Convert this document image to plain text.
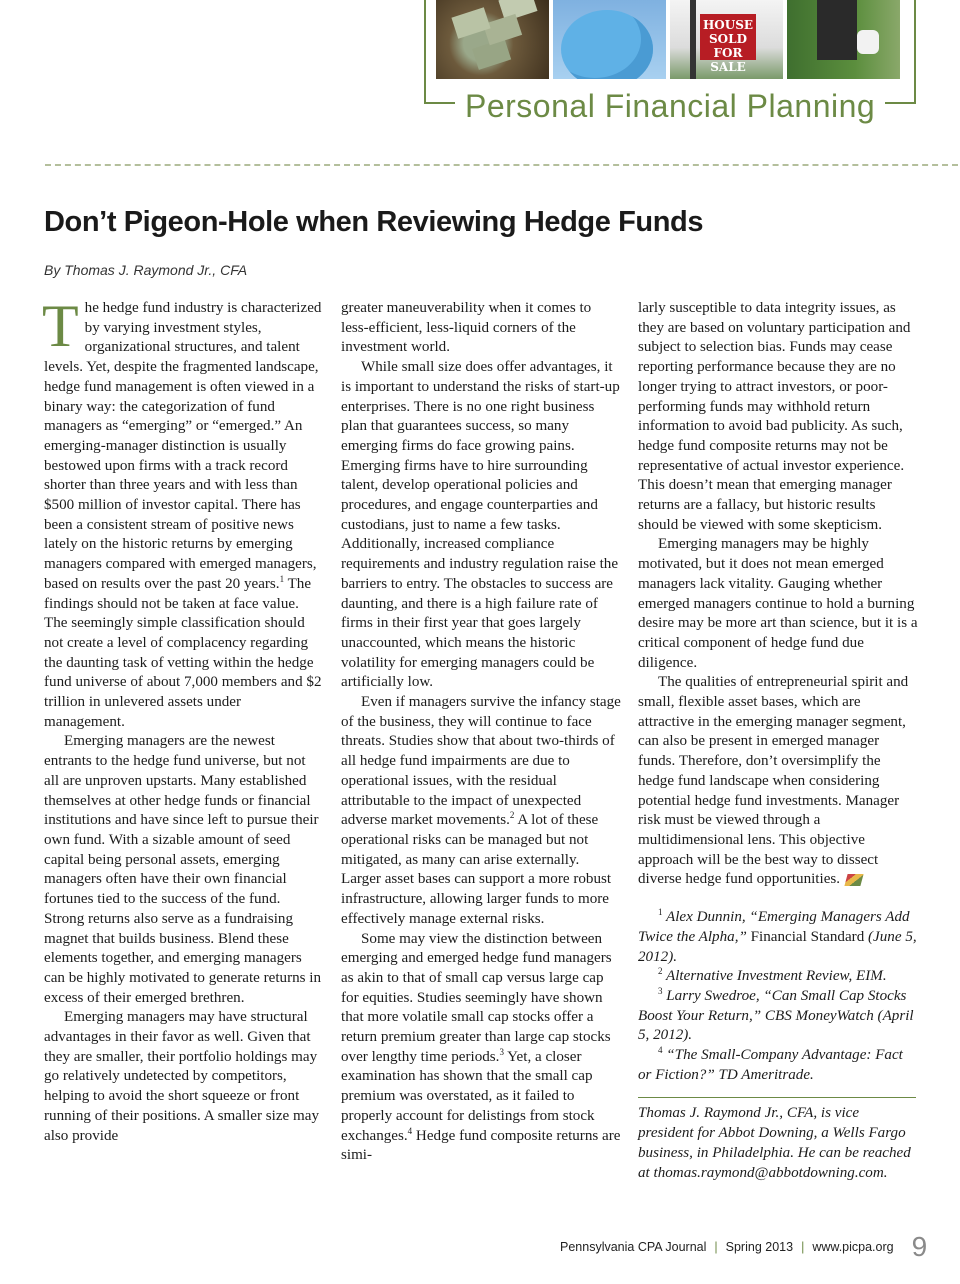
HOUSE
SOLD
FOR SALE
Personal Financial Planning
Don’t Pigeon-Hole when Reviewing Hedge Funds
By Thomas J. Raymond Jr., CFA

The hedge fund industry is characterized by varying investment styles, organizational structures, and talent levels. Yet, despite the fragmented landscape, hedge fund management is often viewed in a binary way: the categorization of fund managers as “emerging” or “emerged.” An emerging-manager distinction is usually bestowed upon firms with a track record shorter than three years and with less than $500 million of investor capital. There has been a consistent stream of positive news lately on the historic returns by emerging managers compared with emerged managers, based on results over the past 20 years.$^1$ The findings should not be taken at face value. The seemingly simple classification should not create a level of complacency regarding the daunting task of vetting within the hedge fund universe of about 7,000 members and $2 trillion in unlevered assets under management.

Emerging managers are the newest entrants to the hedge fund universe, but not all are unproven upstarts. Many established themselves at other hedge funds or financial institutions and have since left to pursue their own fund. With a sizable amount of seed capital being personal assets, emerging managers often have their own financial fortunes tied to the success of the fund. Strong returns also serve as a fundraising magnet that builds business. Blend these elements together, and emerging managers can be highly motivated to generate returns in excess of their emerged brethren.

Emerging managers may have structural advantages in their favor as well. Given that they are smaller, their portfolio holdings may go relatively undetected by competitors, helping to avoid the short squeeze or front running of their positions. A smaller size may also provide

greater maneuverability when it comes to less-efficient, less-liquid corners of the investment world.

While small size does offer advantages, it is important to understand the risks of start-up enterprises. There is no one right business plan that guarantees success, so many emerging firms do face growing pains. Emerging firms have to hire surrounding talent, develop operational policies and procedures, and engage counterparties and custodians, just to name a few tasks. Additionally, increased compliance requirements and industry regulation raise the barriers to entry. The obstacles to success are daunting, and there is a high failure rate of firms in their first year that goes largely unaccounted, which means the historic volatility for emerging managers could be artificially low.

Even if managers survive the infancy stage of the business, they will continue to face threats. Studies show that about two-thirds of all hedge fund impairments are due to operational issues, with the residual attributable to the impact of unexpected adverse market movements.$^2$ A lot of these operational risks can be managed but not mitigated, as many can arise externally. Larger asset bases can support a more robust infrastructure, allowing larger funds to more effectively manage external risks.

Some may view the distinction between emerging and emerged hedge fund managers as akin to that of small cap versus large cap for equities. Studies seemingly have shown that more volatile small cap stocks offer a return premium greater than large cap stocks over lengthy time periods.$^3$ Yet, a closer examination has shown that the small cap premium was overstated, as it failed to properly account for delistings from stock exchanges.$^4$ Hedge fund composite returns are simi-

larly susceptible to data integrity issues, as they are based on voluntary participation and subject to selection bias. Funds may cease reporting performance because they are no longer trying to attract investors, or poor-performing funds may withhold return information to avoid bad publicity. As such, hedge fund composite returns may not be representative of actual investor experience. This doesn’t mean that emerging manager returns are a fallacy, but historic results should be viewed with some skepticism.

Emerging managers may be highly motivated, but it does not mean emerged managers lack vitality. Gauging whether emerged managers continue to hold a burning desire may be more art than science, but it is a critical component of hedge fund due diligence.

The qualities of entrepreneurial spirit and small, flexible asset bases, which are attractive in the emerging manager segment, can also be present in emerged manager funds. Therefore, don’t oversimplify the hedge fund landscape when considering potential hedge fund investments. Manager risk must be viewed through a multidimensional lens. This objective approach will be the best way to dissect diverse hedge fund opportunities.

$^1$ Alex Dunnin, “Emerging Managers Add Twice the Alpha,” Financial Standard (June 5, 2012).

$^2$ Alternative Investment Review, EIM.

$^3$ Larry Swedroe, “Can Small Cap Stocks Boost Your Return,” CBS MoneyWatch (April 5, 2012).

$^4$ “The Small-Company Advantage: Fact or Fiction?” TD Ameritrade.

Thomas J. Raymond Jr., CFA, is vice president for Abbot Downing, a Wells Fargo business, in Philadelphia. He can be reached at thomas.raymond@abbotdowning.com.

Pennsylvania CPA Journal | Spring 2013 | www.picpa.org 9
